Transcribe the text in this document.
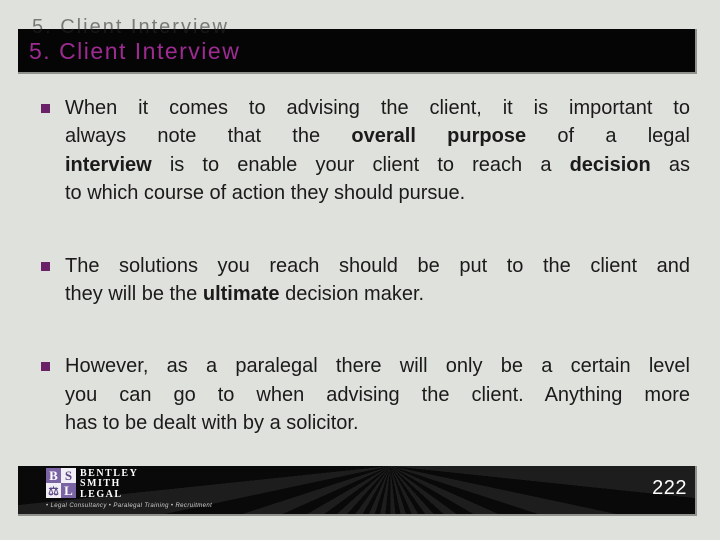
5. Client Interview
5. Client Interview
When it comes to advising the client, it is important to
always note that the overall purpose of a legal
interview is to enable your client to reach a decision as
to which course of action they should pursue.
The solutions you reach should be put to the client and
they will be the ultimate decision maker.
However, as a paralegal there will only be a certain level
you can go to when advising the client. Anything more
has to be dealt with by a solicitor.
B S
⚖ L
BENTLEY
SMITH
LEGAL
• Legal Consultancy • Paralegal Training • Recruitment
222
